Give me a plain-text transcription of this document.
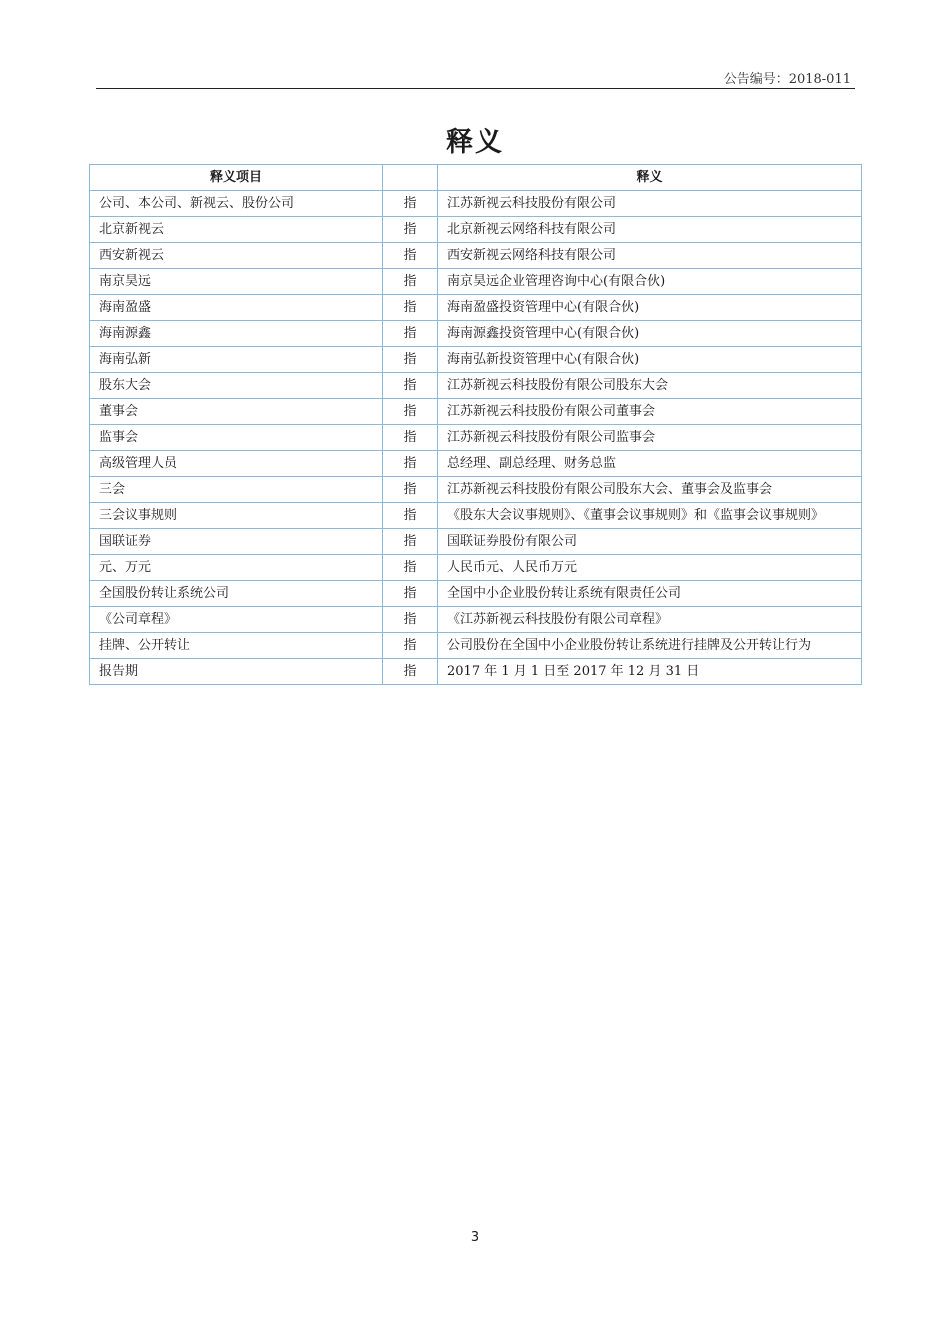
公告编号：2018-011
释义
释义项目		释义
公司、本公司、新视云、股份公司	指	江苏新视云科技股份有限公司
北京新视云	指	北京新视云网络科技有限公司
西安新视云	指	西安新视云网络科技有限公司
南京昊远	指	南京昊远企业管理咨询中心(有限合伙)
海南盈盛	指	海南盈盛投资管理中心(有限合伙)
海南源鑫	指	海南源鑫投资管理中心(有限合伙)
海南弘新	指	海南弘新投资管理中心(有限合伙)
股东大会	指	江苏新视云科技股份有限公司股东大会
董事会	指	江苏新视云科技股份有限公司董事会
监事会	指	江苏新视云科技股份有限公司监事会
高级管理人员	指	总经理、副总经理、财务总监
三会	指	江苏新视云科技股份有限公司股东大会、董事会及监事会
三会议事规则	指	《股东大会议事规则》、《董事会议事规则》和《监事会议事规则》
国联证券	指	国联证券股份有限公司
元、万元	指	人民币元、人民币万元
全国股份转让系统公司	指	全国中小企业股份转让系统有限责任公司
《公司章程》	指	《江苏新视云科技股份有限公司章程》
挂牌、公开转让	指	公司股份在全国中小企业股份转让系统进行挂牌及公开转让行为
报告期	指	2017 年 1 月 1 日至 2017 年 12 月 31 日
3
